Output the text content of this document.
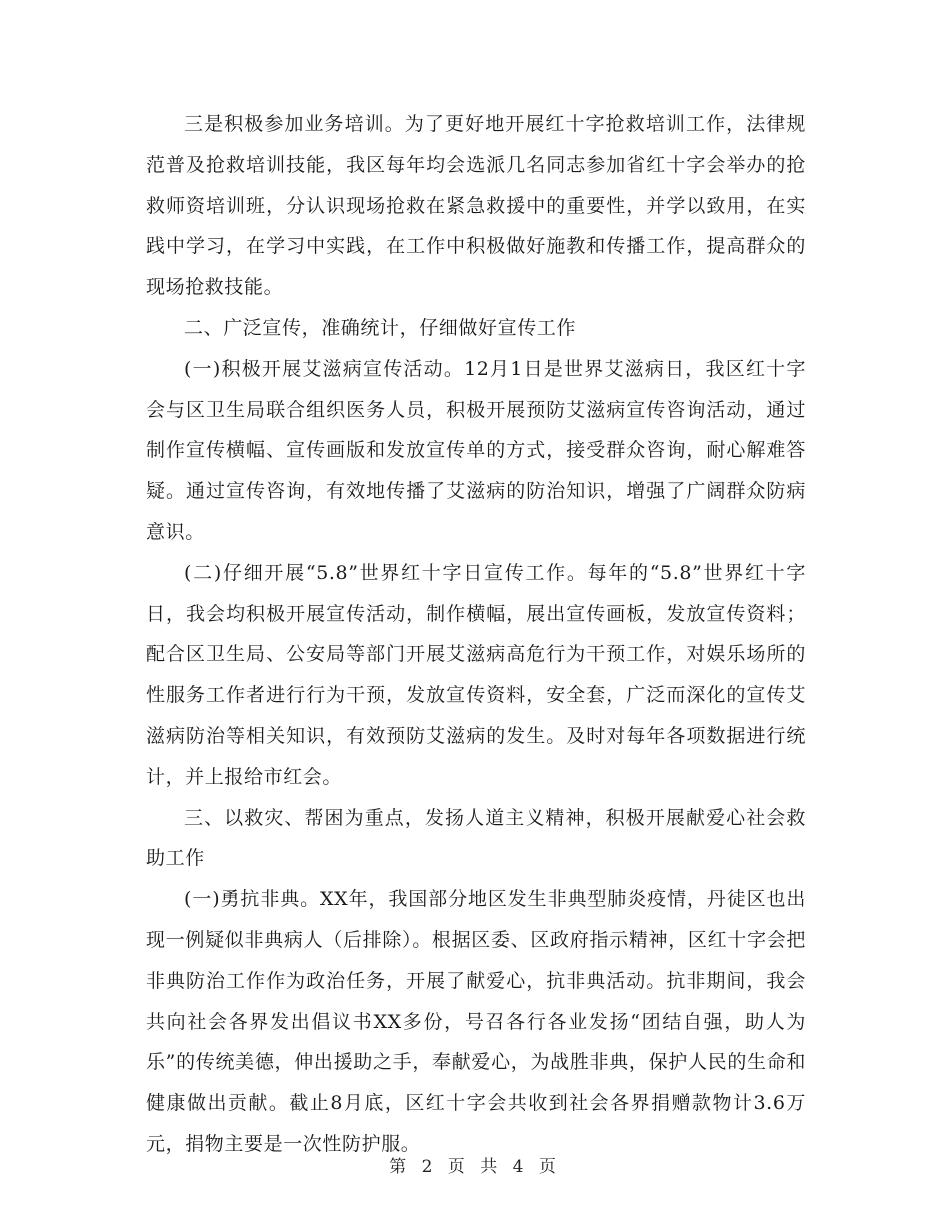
三是积极参加业务培训。为了更好地开展红十字抢救培训工作，法律规范普及抢救培训技能，我区每年均会选派几名同志参加省红十字会举办的抢救师资培训班，分认识现场抢救在紧急救援中的重要性，并学以致用，在实践中学习，在学习中实践，在工作中积极做好施教和传播工作，提高群众的现场抢救技能。

二、广泛宣传，准确统计，仔细做好宣传工作

(一)积极开展艾滋病宣传活动。12月1日是世界艾滋病日，我区红十字会与区卫生局联合组织医务人员，积极开展预防艾滋病宣传咨询活动，通过制作宣传横幅、宣传画版和发放宣传单的方式，接受群众咨询，耐心解难答疑。通过宣传咨询，有效地传播了艾滋病的防治知识，增强了广阔群众防病意识。

(二)仔细开展“5.8”世界红十字日宣传工作。每年的“5.8”世界红十字日，我会均积极开展宣传活动，制作横幅，展出宣传画板，发放宣传资料；配合区卫生局、公安局等部门开展艾滋病高危行为干预工作，对娱乐场所的性服务工作者进行行为干预，发放宣传资料，安全套，广泛而深化的宣传艾滋病防治等相关知识，有效预防艾滋病的发生。及时对每年各项数据进行统计，并上报给市红会。

三、以救灾、帮困为重点，发扬人道主义精神，积极开展献爱心社会救助工作

(一)勇抗非典。XX年，我国部分地区发生非典型肺炎疫情，丹徒区也出现一例疑似非典病人（后排除）。根据区委、区政府指示精神，区红十字会把非典防治工作作为政治任务，开展了献爱心，抗非典活动。抗非期间，我会共向社会各界发出倡议书XX多份，号召各行各业发扬“团结自强，助人为乐”的传统美德，伸出援助之手，奉献爱心，为战胜非典，保护人民的生命和健康做出贡献。截止8月底，区红十字会共收到社会各界捐赠款物计3.6万元，捐物主要是一次性防护服。

第 2 页 共 4 页
